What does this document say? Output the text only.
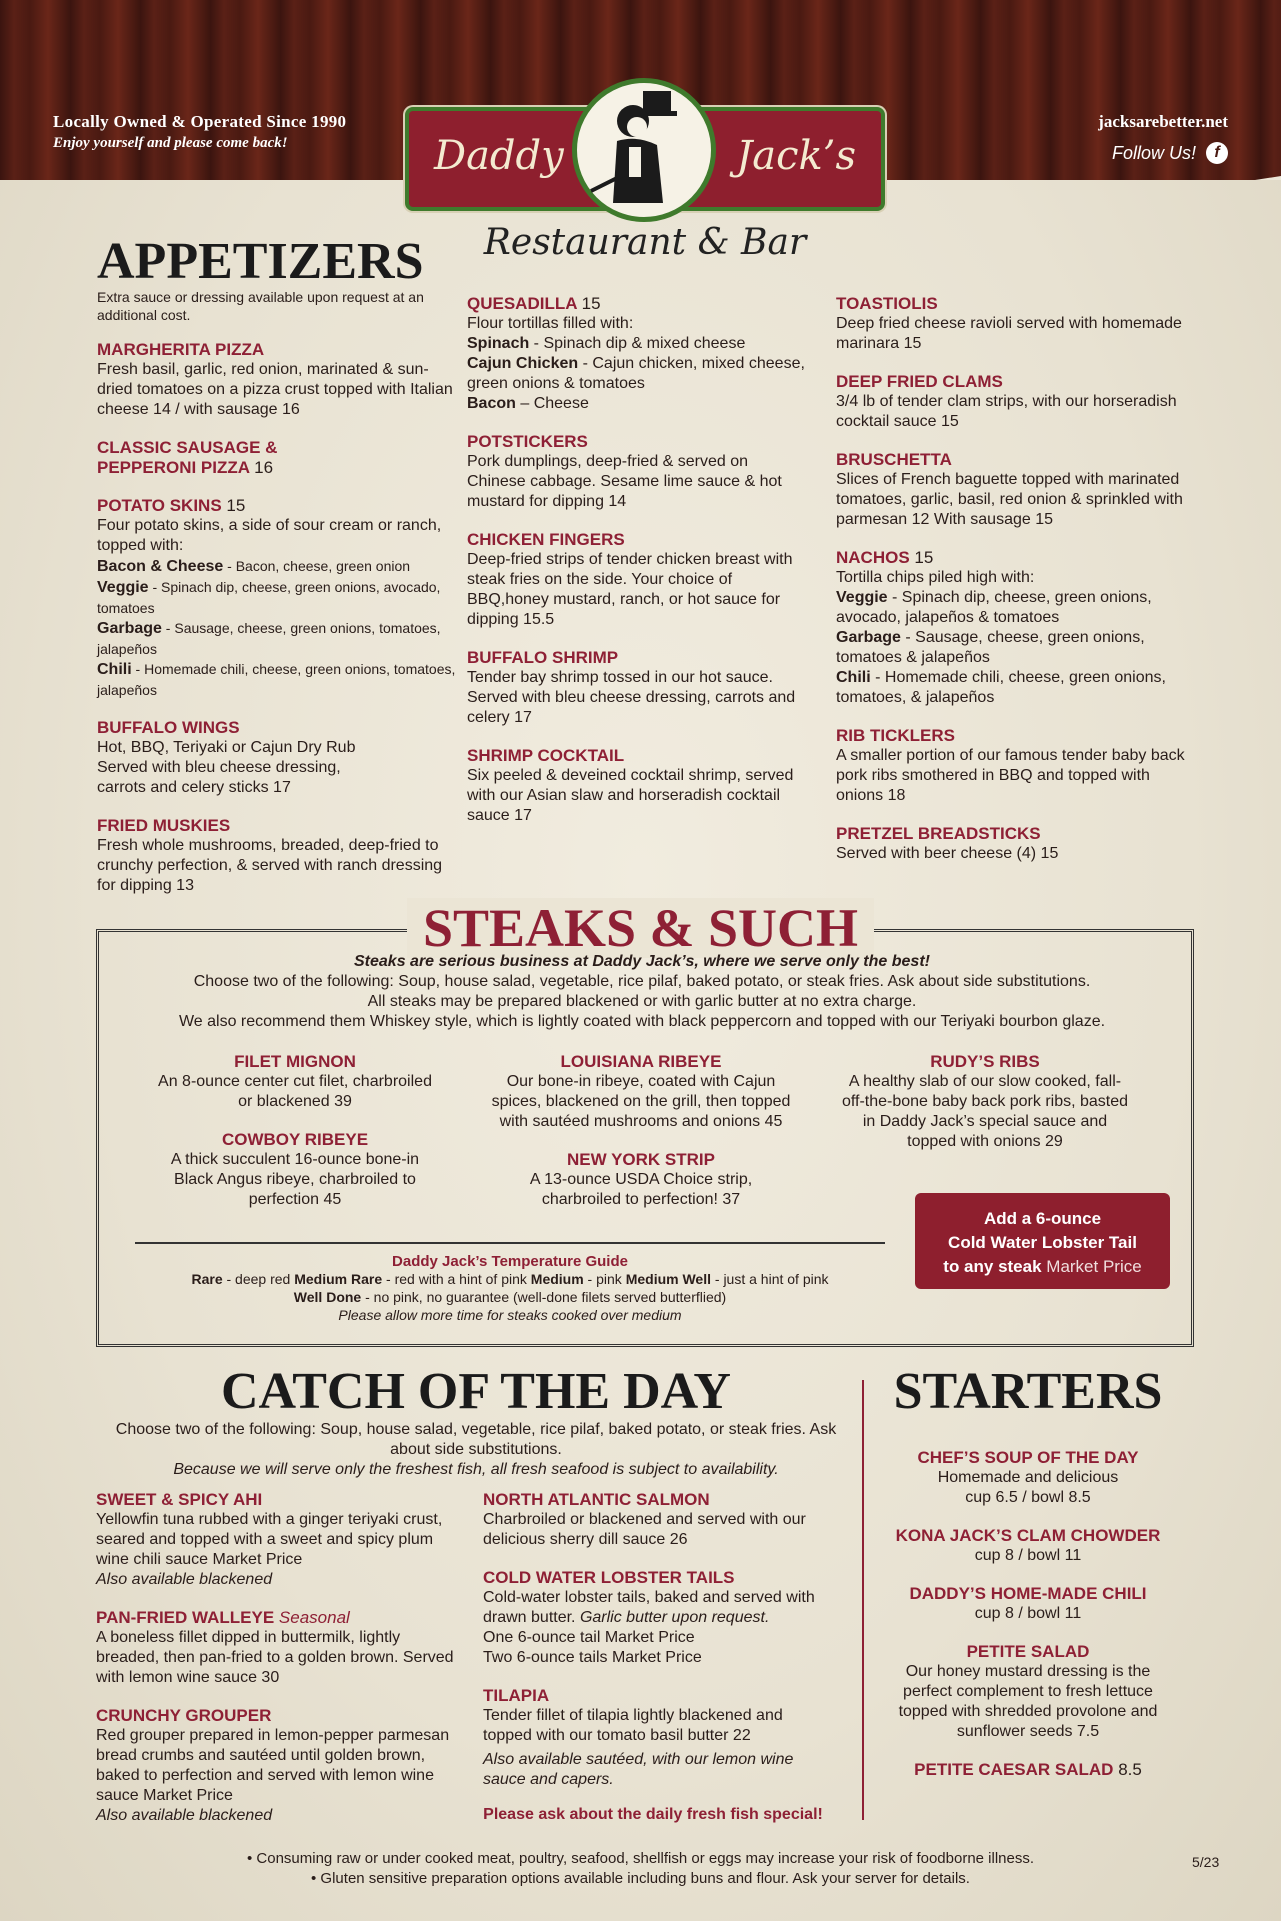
Locally Owned & Operated Since 1990
Enjoy yourself and please come back!
jacksarebetter.net
Follow Us!	f
Daddy	Jack’s
Restaurant & Bar
APPETIZERS
Extra sauce or dressing available upon request at an additional cost.
MARGHERITA PIZZA
Fresh basil, garlic, red onion, marinated & sun-dried tomatoes on a pizza crust topped with Italian cheese 14 / with sausage 16
CLASSIC SAUSAGE & PEPPERONI PIZZA 16
POTATO SKINS 15
Four potato skins, a side of sour cream or ranch, topped with:
Bacon & Cheese - Bacon, cheese, green onion
Veggie - Spinach dip, cheese, green onions, avocado, tomatoes
Garbage - Sausage, cheese, green onions, tomatoes, jalapeños
Chili - Homemade chili, cheese, green onions, tomatoes, jalapeños
BUFFALO WINGS
Hot, BBQ, Teriyaki or Cajun Dry Rub Served with bleu cheese dressing, carrots and celery sticks 17
FRIED MUSKIES
Fresh whole mushrooms, breaded, deep-fried to crunchy perfection, & served with ranch dressing for dipping 13
QUESADILLA 15
Flour tortillas filled with:
Spinach - Spinach dip & mixed cheese
Cajun Chicken - Cajun chicken, mixed cheese, green onions & tomatoes
Bacon – Cheese
POTSTICKERS
Pork dumplings, deep-fried & served on Chinese cabbage. Sesame lime sauce & hot mustard for dipping 14
CHICKEN FINGERS
Deep-fried strips of tender chicken breast with steak fries on the side. Your choice of BBQ,honey mustard, ranch, or hot sauce for dipping 15.5
BUFFALO SHRIMP
Tender bay shrimp tossed in our hot sauce. Served with bleu cheese dressing, carrots and celery 17
SHRIMP COCKTAIL
Six peeled & deveined cocktail shrimp, served with our Asian slaw and horseradish cocktail sauce 17
TOASTIOLIS
Deep fried cheese ravioli served with homemade marinara 15
DEEP FRIED CLAMS
3/4 lb of tender clam strips, with our horseradish cocktail sauce 15
BRUSCHETTA
Slices of French baguette topped with marinated tomatoes, garlic, basil, red onion & sprinkled with parmesan 12 With sausage 15
NACHOS 15
Tortilla chips piled high with:
Veggie - Spinach dip, cheese, green onions, avocado, jalapeños & tomatoes
Garbage - Sausage, cheese, green onions, tomatoes & jalapeños
Chili - Homemade chili, cheese, green onions, tomatoes, & jalapeños
RIB TICKLERS
A smaller portion of our famous tender baby back pork ribs smothered in BBQ and topped with onions 18
PRETZEL BREADSTICKS
Served with beer cheese (4) 15
STEAKS & SUCH
Steaks are serious business at Daddy Jack’s, where we serve only the best!
Choose two of the following: Soup, house salad, vegetable, rice pilaf, baked potato, or steak fries. Ask about side substitutions.
All steaks may be prepared blackened or with garlic butter at no extra charge.
We also recommend them Whiskey style, which is lightly coated with black peppercorn and topped with our Teriyaki bourbon glaze.
FILET MIGNON
An 8-ounce center cut filet, charbroiled or blackened 39
COWBOY RIBEYE
A thick succulent 16-ounce bone-in Black Angus ribeye, charbroiled to perfection 45
LOUISIANA RIBEYE
Our bone-in ribeye, coated with Cajun spices, blackened on the grill, then topped with sautéed mushrooms and onions 45
NEW YORK STRIP
A 13-ounce USDA Choice strip, charbroiled to perfection! 37
RUDY’S RIBS
A healthy slab of our slow cooked, fall-off-the-bone baby back pork ribs, basted in Daddy Jack’s special sauce and topped with onions 29
Add a 6-ounce
Cold Water Lobster Tail
to any steak Market Price
Daddy Jack’s Temperature Guide
Rare - deep red Medium Rare - red with a hint of pink Medium - pink Medium Well - just a hint of pink
Well Done - no pink, no guarantee (well-done filets served butterflied)
Please allow more time for steaks cooked over medium
CATCH OF THE DAY
Choose two of the following: Soup, house salad, vegetable, rice pilaf, baked potato, or steak fries. Ask about side substitutions.
Because we will serve only the freshest fish, all fresh seafood is subject to availability.
SWEET & SPICY AHI
Yellowfin tuna rubbed with a ginger teriyaki crust, seared and topped with a sweet and spicy plum wine chili sauce Market Price
Also available blackened
PAN-FRIED WALLEYE Seasonal
A boneless fillet dipped in buttermilk, lightly breaded, then pan-fried to a golden brown. Served with lemon wine sauce 30
CRUNCHY GROUPER
Red grouper prepared in lemon-pepper parmesan bread crumbs and sautéed until golden brown, baked to perfection and served with lemon wine sauce Market Price
Also available blackened
NORTH ATLANTIC SALMON
Charbroiled or blackened and served with our delicious sherry dill sauce 26
COLD WATER LOBSTER TAILS
Cold-water lobster tails, baked and served with drawn butter. Garlic butter upon request.
One 6-ounce tail Market Price
Two 6-ounce tails Market Price
TILAPIA
Tender fillet of tilapia lightly blackened and topped with our tomato basil butter 22
Also available sautéed, with our lemon wine sauce and capers.
Please ask about the daily fresh fish special!
STARTERS
CHEF’S SOUP OF THE DAY
Homemade and delicious cup 6.5 / bowl 8.5
KONA JACK’S CLAM CHOWDER
cup 8 / bowl 11
DADDY’S HOME-MADE CHILI
cup 8 / bowl 11
PETITE SALAD
Our honey mustard dressing is the perfect complement to fresh lettuce topped with shredded provolone and sunflower seeds 7.5
PETITE CAESAR SALAD 8.5
• Consuming raw or under cooked meat, poultry, seafood, shellfish or eggs may increase your risk of foodborne illness.
• Gluten sensitive preparation options available including buns and flour. Ask your server for details.
5/23
